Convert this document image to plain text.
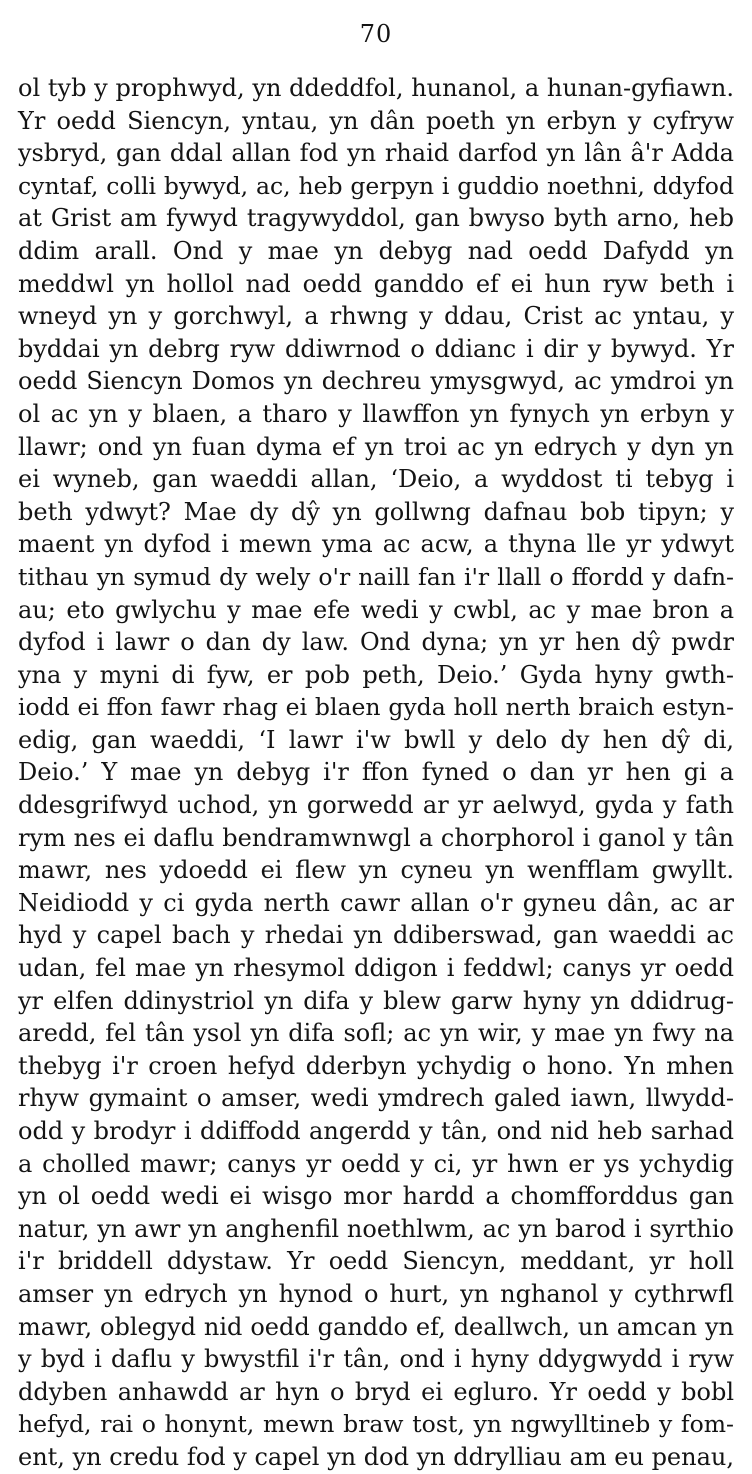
70
ol tyb y prophwyd, yn ddeddfol, hunanol, a hunan-gyfiawn.
Yr oedd Siencyn, yntau, yn dân poeth yn erbyn y cyfryw
ysbryd, gan ddal allan fod yn rhaid darfod yn lân â'r Adda
cyntaf, colli bywyd, ac, heb gerpyn i guddio noethni, ddyfod
at Grist am fywyd tragywyddol, gan bwyso byth arno, heb
ddim arall. Ond y mae yn debyg nad oedd Dafydd yn
meddwl yn hollol nad oedd ganddo ef ei hun ryw beth i
wneyd yn y gorchwyl, a rhwng y ddau, Crist ac yntau, y
byddai yn debrg ryw ddiwrnod o ddianc i dir y bywyd. Yr
oedd Siencyn Domos yn dechreu ymysgwyd, ac ymdroi yn
ol ac yn y blaen, a tharo y llawffon yn fynych yn erbyn y
llawr; ond yn fuan dyma ef yn troi ac yn edrych y dyn yn
ei wyneb, gan waeddi allan, ‘Deio, a wyddost ti tebyg i
beth ydwyt? Mae dy dŷ yn gollwng dafnau bob tipyn; y
maent yn dyfod i mewn yma ac acw, a thyna lle yr ydwyt
tithau yn symud dy wely o'r naill fan i'r llall o ffordd y dafn-
au; eto gwlychu y mae efe wedi y cwbl, ac y mae bron a
dyfod i lawr o dan dy law. Ond dyna; yn yr hen dŷ pwdr
yna y myni di fyw, er pob peth, Deio.’ Gyda hyny gwth-
iodd ei ffon fawr rhag ei blaen gyda holl nerth braich estyn-
edig, gan waeddi, ‘I lawr i'w bwll y delo dy hen dŷ di,
Deio.’ Y mae yn debyg i'r ffon fyned o dan yr hen gi a
ddesgrifwyd uchod, yn gorwedd ar yr aelwyd, gyda y fath
rym nes ei daflu bendramwnwgl a chorphorol i ganol y tân
mawr, nes ydoedd ei flew yn cyneu yn wenfflam gwyllt.
Neidiodd y ci gyda nerth cawr allan o'r gyneu dân, ac ar
hyd y capel bach y rhedai yn ddiberswad, gan waeddi ac
udan, fel mae yn rhesymol ddigon i feddwl; canys yr oedd
yr elfen ddinystriol yn difa y blew garw hyny yn ddidrug-
aredd, fel tân ysol yn difa sofl; ac yn wir, y mae yn fwy na
thebyg i'r croen hefyd dderbyn ychydig o hono. Yn mhen
rhyw gymaint o amser, wedi ymdrech galed iawn, llwydd-
odd y brodyr i ddiffodd angerdd y tân, ond nid heb sarhad
a cholled mawr; canys yr oedd y ci, yr hwn er ys ychydig
yn ol oedd wedi ei wisgo mor hardd a chomfforddus gan
natur, yn awr yn anghenfil noethlwm, ac yn barod i syrthio
i'r briddell ddystaw. Yr oedd Siencyn, meddant, yr holl
amser yn edrych yn hynod o hurt, yn nghanol y cythrwfl
mawr, oblegyd nid oedd ganddo ef, deallwch, un amcan yn
y byd i daflu y bwystfil i'r tân, ond i hyny ddygwydd i ryw
ddyben anhawdd ar hyn o bryd ei egluro. Yr oedd y bobl
hefyd, rai o honynt, mewn braw tost, yn ngwylltineb y fom-
ent, yn credu fod y capel yn dod yn ddrylliau am eu penau,
